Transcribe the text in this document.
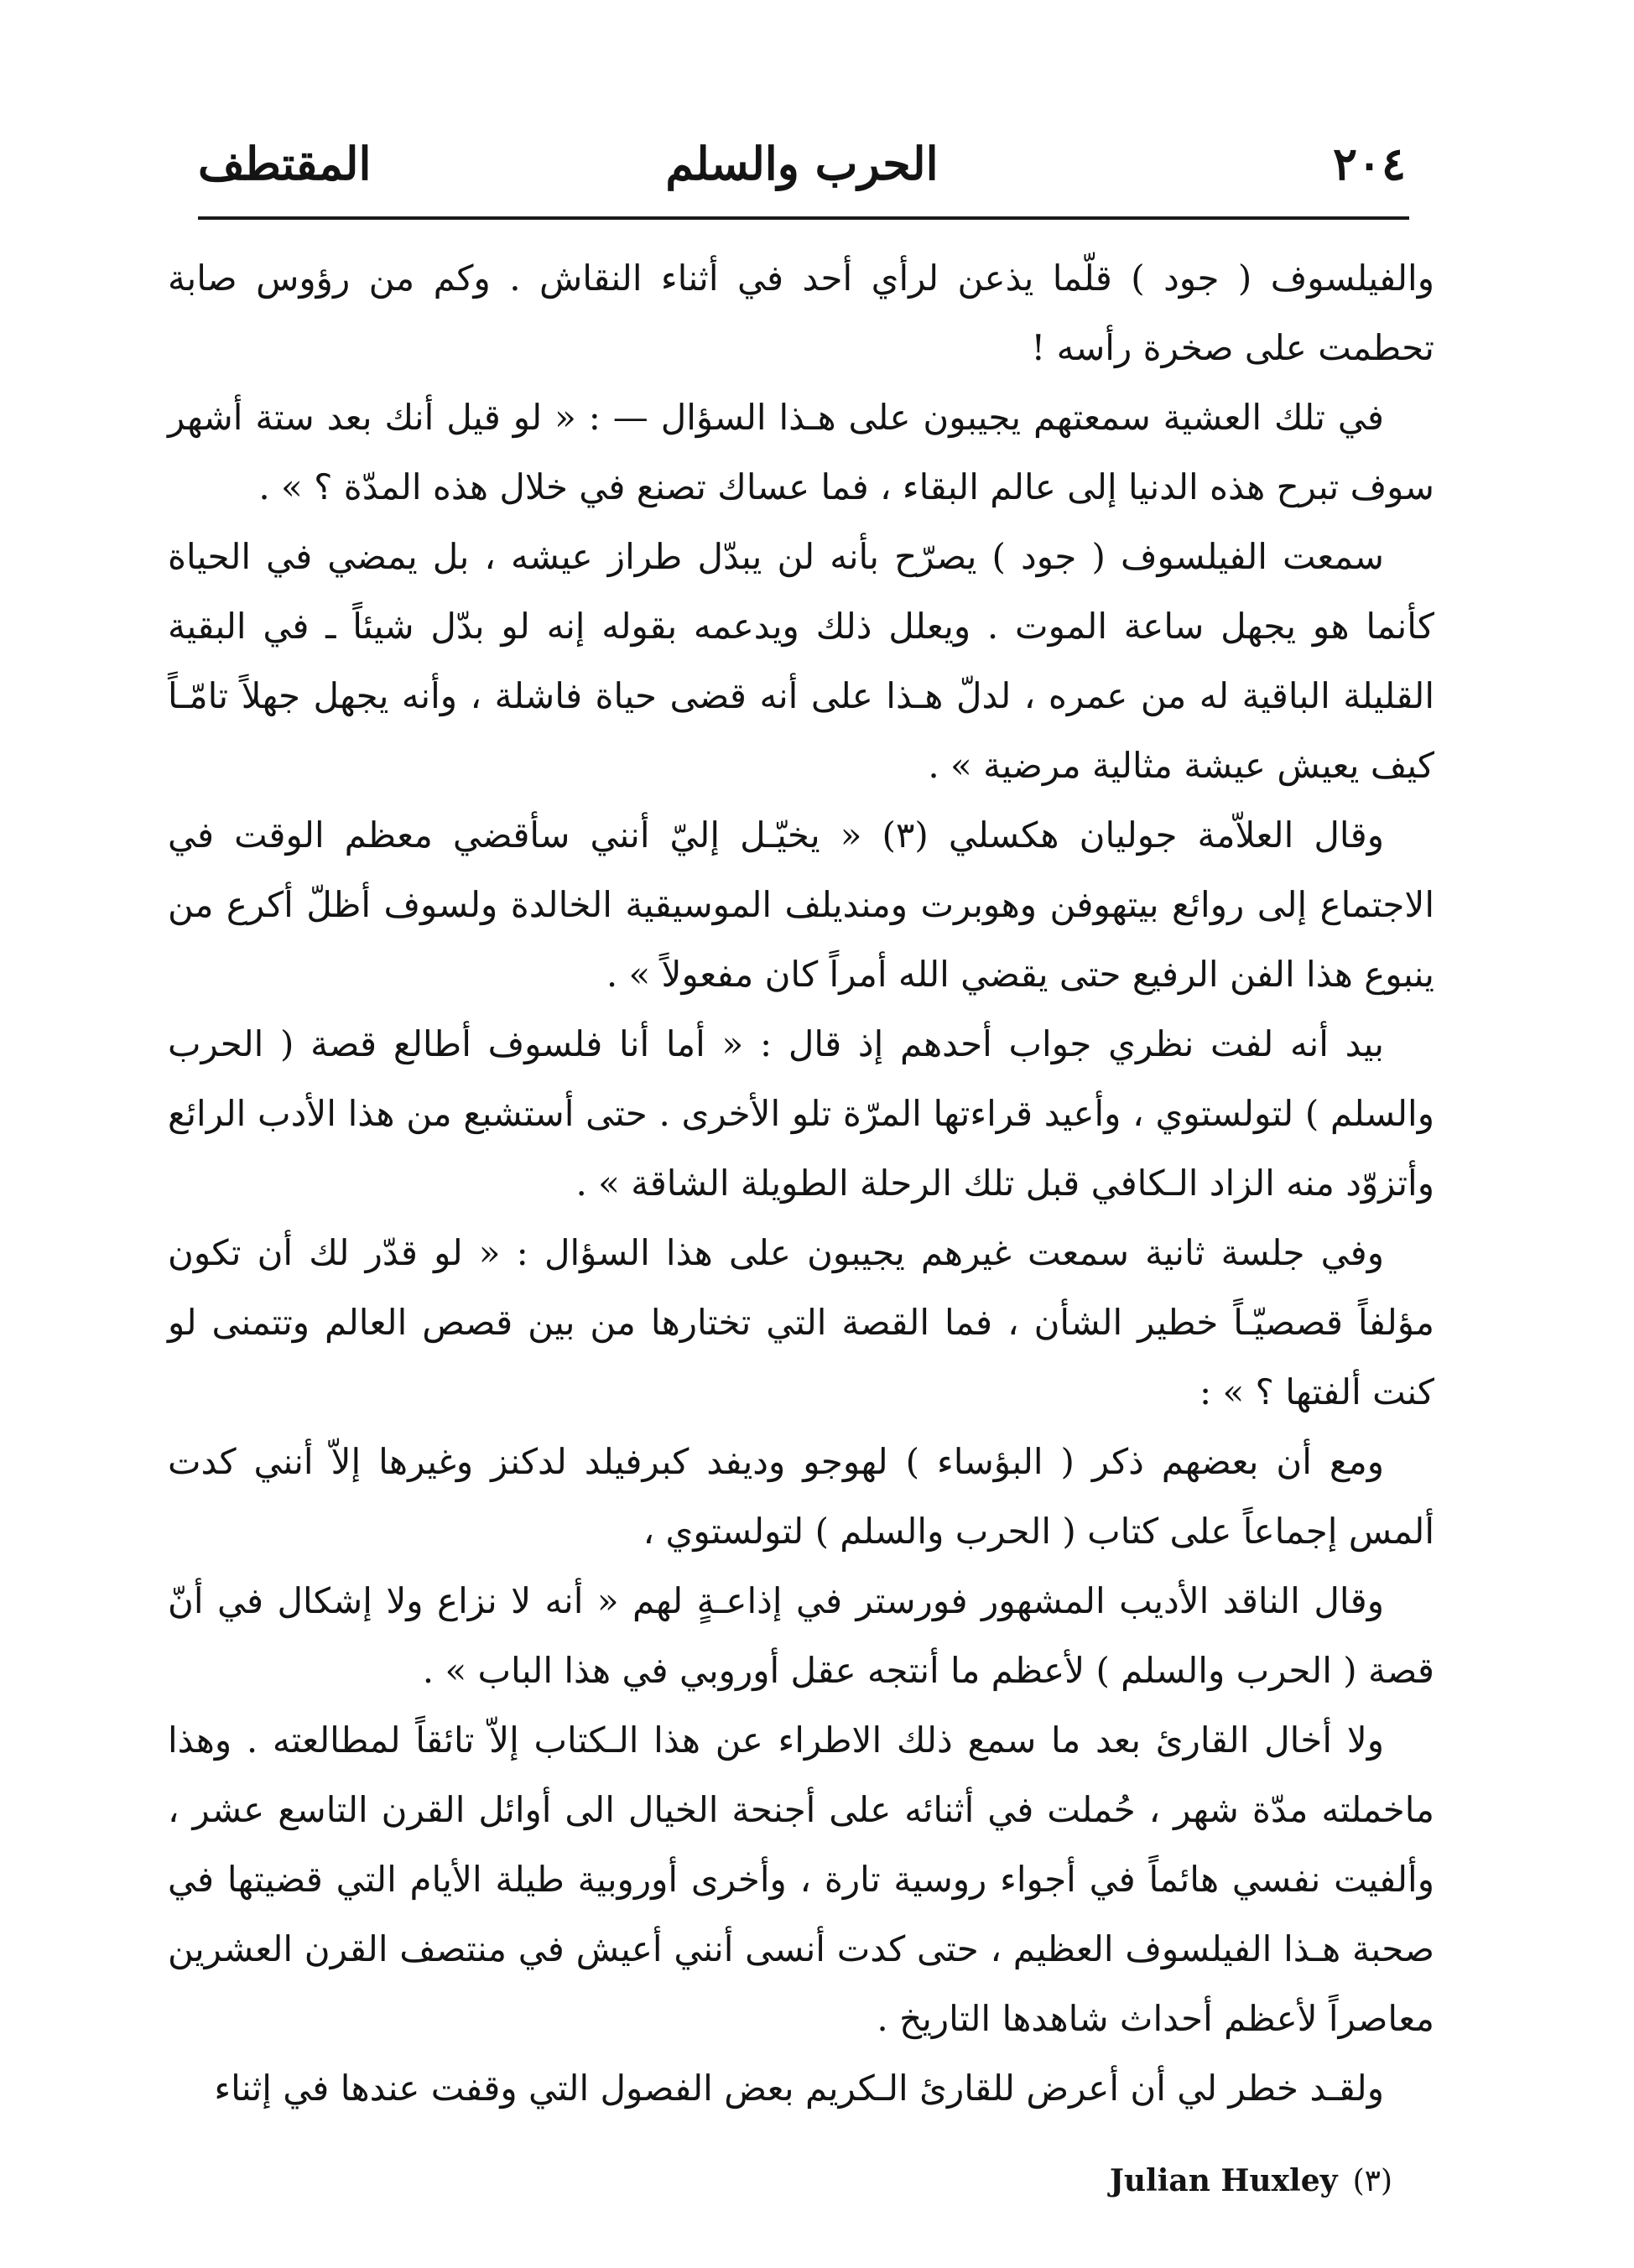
٢٠٤
الحرب والسلم
المقتطف

والفيلسوف ( جود ) قلّما يذعن لرأي أحد في أثناء النقاش . وكم من رؤوس صابة تحطمت على صخرة رأسه !

في تلك العشية سمعتهم يجيبون على هـذا السؤال — : « لو قيل أنك بعد ستة أشهر سوف تبرح هذه الدنيا إلى عالم البقاء ، فما عساك تصنع في خلال هذه المدّة ؟ » .

سمعت الفيلسوف ( جود ) يصرّح بأنه لن يبدّل طراز عيشه ، بل يمضي في الحياة كأنما هو يجهل ساعة الموت . ويعلل ذلك ويدعمه بقوله إنه لو بدّل شيئاً ـ في البقية القليلة الباقية له من عمره ، لدلّ هـذا على أنه قضى حياة فاشلة ، وأنه يجهل جهلاً تامّـاً كيف يعيش عيشة مثالية مرضية » .

وقال العلاّمة جوليان هكسلي (٣) « يخيّـل إليّ أنني سأقضي معظم الوقت في الاجتماع إلى روائع بيتهوفن وهوبرت ومنديلف الموسيقية الخالدة ولسوف أظلّ أكرع من ينبوع هذا الفن الرفيع حتى يقضي الله أمراً كان مفعولاً » .

بيد أنه لفت نظري جواب أحدهم إذ قال : « أما أنا فلسوف أطالع قصة ( الحرب والسلم ) لتولستوي ، وأعيد قراءتها المرّة تلو الأخرى . حتى أستشبع من هذا الأدب الرائع وأتزوّد منه الزاد الـكافي قبل تلك الرحلة الطويلة الشاقة » .

وفي جلسة ثانية سمعت غيرهم يجيبون على هذا السؤال : « لو قدّر لك أن تكون مؤلفاً قصصيّـاً خطير الشأن ، فما القصة التي تختارها من بين قصص العالم وتتمنى لو كنت ألفتها ؟ » :

ومع أن بعضهم ذكر ( البؤساء ) لهوجو وديفد كبرفيلد لدكنز وغيرها إلاّ أنني كدت ألمس إجماعاً على كتاب ( الحرب والسلم ) لتولستوي ،

وقال الناقد الأديب المشهور فورستر في إذاعـةٍ لهم « أنه لا نزاع ولا إشكال في أنّ قصة ( الحرب والسلم ) لأعظم ما أنتجه عقل أوروبي في هذا الباب » .

ولا أخال القارئ بعد ما سمع ذلك الاطراء عن هذا الـكتاب إلاّ تائقاً لمطالعته . وهذا ماخملته مدّة شهر ، حُملت في أثنائه على أجنحة الخيال الى أوائل القرن التاسع عشر ، وألفيت نفسي هائماً في أجواء روسية تارة ، وأخرى أوروبية طيلة الأيام التي قضيتها في صحبة هـذا الفيلسوف العظيم ، حتى كدت أنسى أنني أعيش في منتصف القرن العشرين معاصراً لأعظم أحداث شاهدها التاريخ .

ولقـد خطر لي أن أعرض للقارئ الـكريم بعض الفصول التي وقفت عندها في إثناء

Julian Huxley (٣)
